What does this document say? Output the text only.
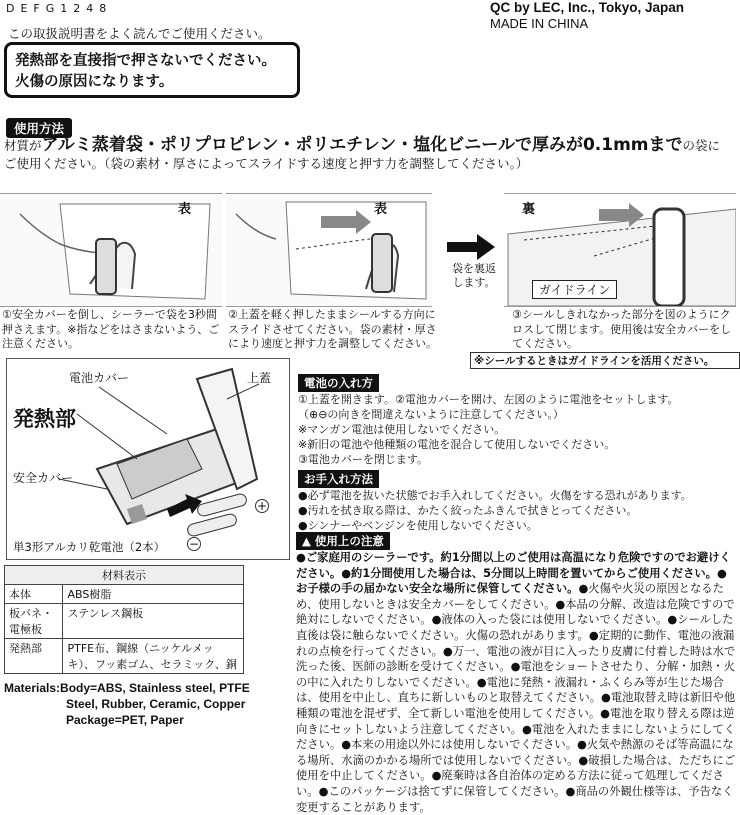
DEFG1248	QC by LEC, Inc., Tokyo, Japan
MADE IN CHINA
この取扱説明書をよく読んでご使用ください。
発熱部を直接指で押さないでください。
火傷の原因になります。
使用方法
材質がアルミ蒸着袋・ポリプロピレン・ポリエチレン・塩化ビニールで厚みが0.1mmまでの袋に
ご使用ください。（袋の素材・厚さによってスライドする速度と押す力を調整してください。）
表	表
袋を裏返します。
裏
ガイドライン
①安全カバーを倒し、シーラーで袋を3秒間押さえます。※指などをはさまないよう、ご注意ください。
②上蓋を軽く押したままシールする方向にスライドさせてください。袋の素材・厚さにより速度と押す力を調整してください。
③シールしきれなかった部分を図のようにクロスして閉じます。使用後は安全カバーをしてください。
※シールするときはガイドラインを活用ください。
電池カバー	上蓋
発熱部
安全カバー
単3形アルカリ乾電池（2本）
+
−
電池の入れ方
①上蓋を開きます。②電池カバーを開け、左図のように電池をセットします。
（⊕⊖の向きを間違えないように注意してください。）
※マンガン電池は使用しないでください。
※新旧の電池や他種類の電池を混合して使用しないでください。
③電池カバーを閉じます。
お手入れ方法
●必ず電池を抜いた状態でお手入れしてください。火傷をする恐れがあります。
●汚れを拭き取る際は、かたく絞ったふきんで拭きとってください。
●シンナーやベンジンを使用しないでください。
材料表示	
本体	ABS樹脂
板バネ・電極板	ステンレス鋼板
発熱部	PTFE布、鋼線（ニッケルメッキ）、フッ素ゴム、セラミック、銅
Materials:Body=ABS, Stainless steel, PTFE
Steel, Rubber, Ceramic, Copper
Package=PET, Paper
▲ 使用上の注意
●ご家庭用のシーラーです。約1分間以上のご使用は高温になり危険ですのでお避けください。●約1分間使用した場合は、5分間以上時間を置いてからご使用ください。●お子様の手の届かない安全な場所に保管してください。●火傷や火災の原因となるため、使用しないときは安全カバーをしてください。●本品の分解、改造は危険ですので絶対にしないでください。●液体の入った袋には使用しないでください。●シールした直後は袋に触らないでください。火傷の恐れがあります。●定期的に動作、電池の液漏れの点検を行ってください。●万一、電池の液が目に入ったり皮膚に付着した時は水で洗った後、医師の診断を受けてください。●電池をショートさせたり、分解・加熱・火の中に入れたりしないでください。●電池に発熱・液漏れ・ふくらみ等が生じた場合は、使用を中止し、直ちに新しいものと取替えてください。●電池取替え時は新旧や他種類の電池を混ぜず、全て新しい電池を使用してください。●電池を取り替える際は逆向きにセットしないよう注意してください。●電池を入れたままにしないようにしてください。●本来の用途以外には使用しないでください。●火気や熱源のそば等高温になる場所、水滴のかかる場所では使用しないでください。●破損した場合は、ただちにご使用を中止してください。●廃棄時は各自治体の定める方法に従って処理してください。●このパッケージは捨てずに保管してください。●商品の外観仕様等は、予告なく変更することがあります。
